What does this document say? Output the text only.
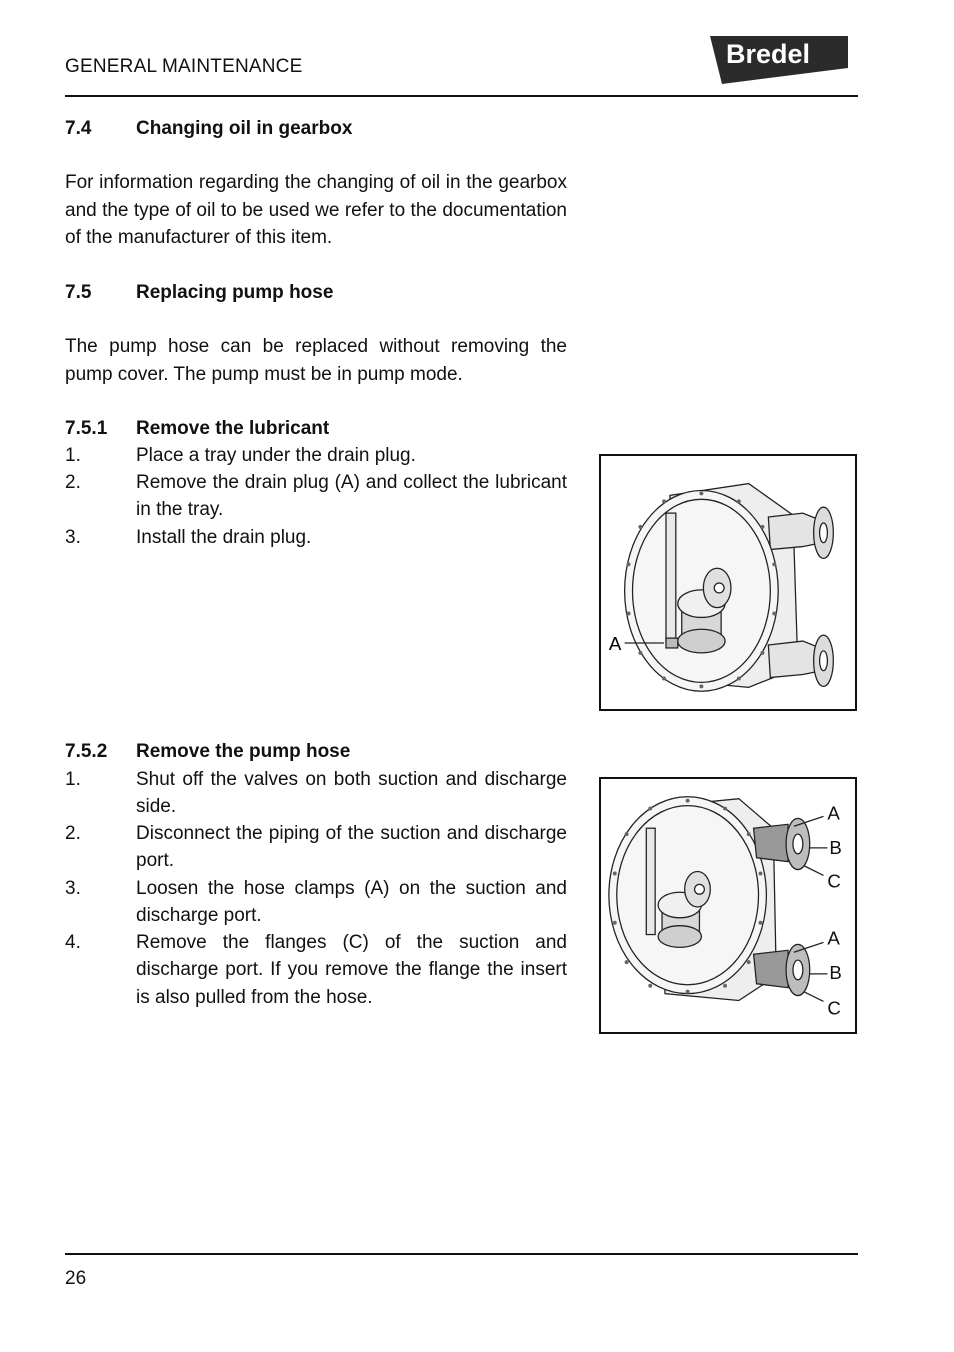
GENERAL MAINTENANCE	Bredel
7.4 Changing oil in gearbox
For information regarding the changing of oil in the gearbox and the type of oil to be used we refer to the documentation of the manufacturer of this item.
7.5 Replacing pump hose
The pump hose can be replaced without removing the pump cover. The pump must be in pump mode.
7.5.1 Remove the lubricant
1.	Place a tray under the drain plug.
2.	Remove the drain plug (A) and collect the lubricant in the tray.
3.	Install the drain plug.
A
7.5.2 Remove the pump hose
1.	Shut off the valves on both suction and discharge side.
2.	Disconnect the piping of the suction and discharge port.
3.	Loosen the hose clamps (A) on the suction and discharge port.
4.	Remove the flanges (C) of the suction and discharge port. If you remove the flange the insert is also pulled from the hose.
A
B
C
A
B
C
26
